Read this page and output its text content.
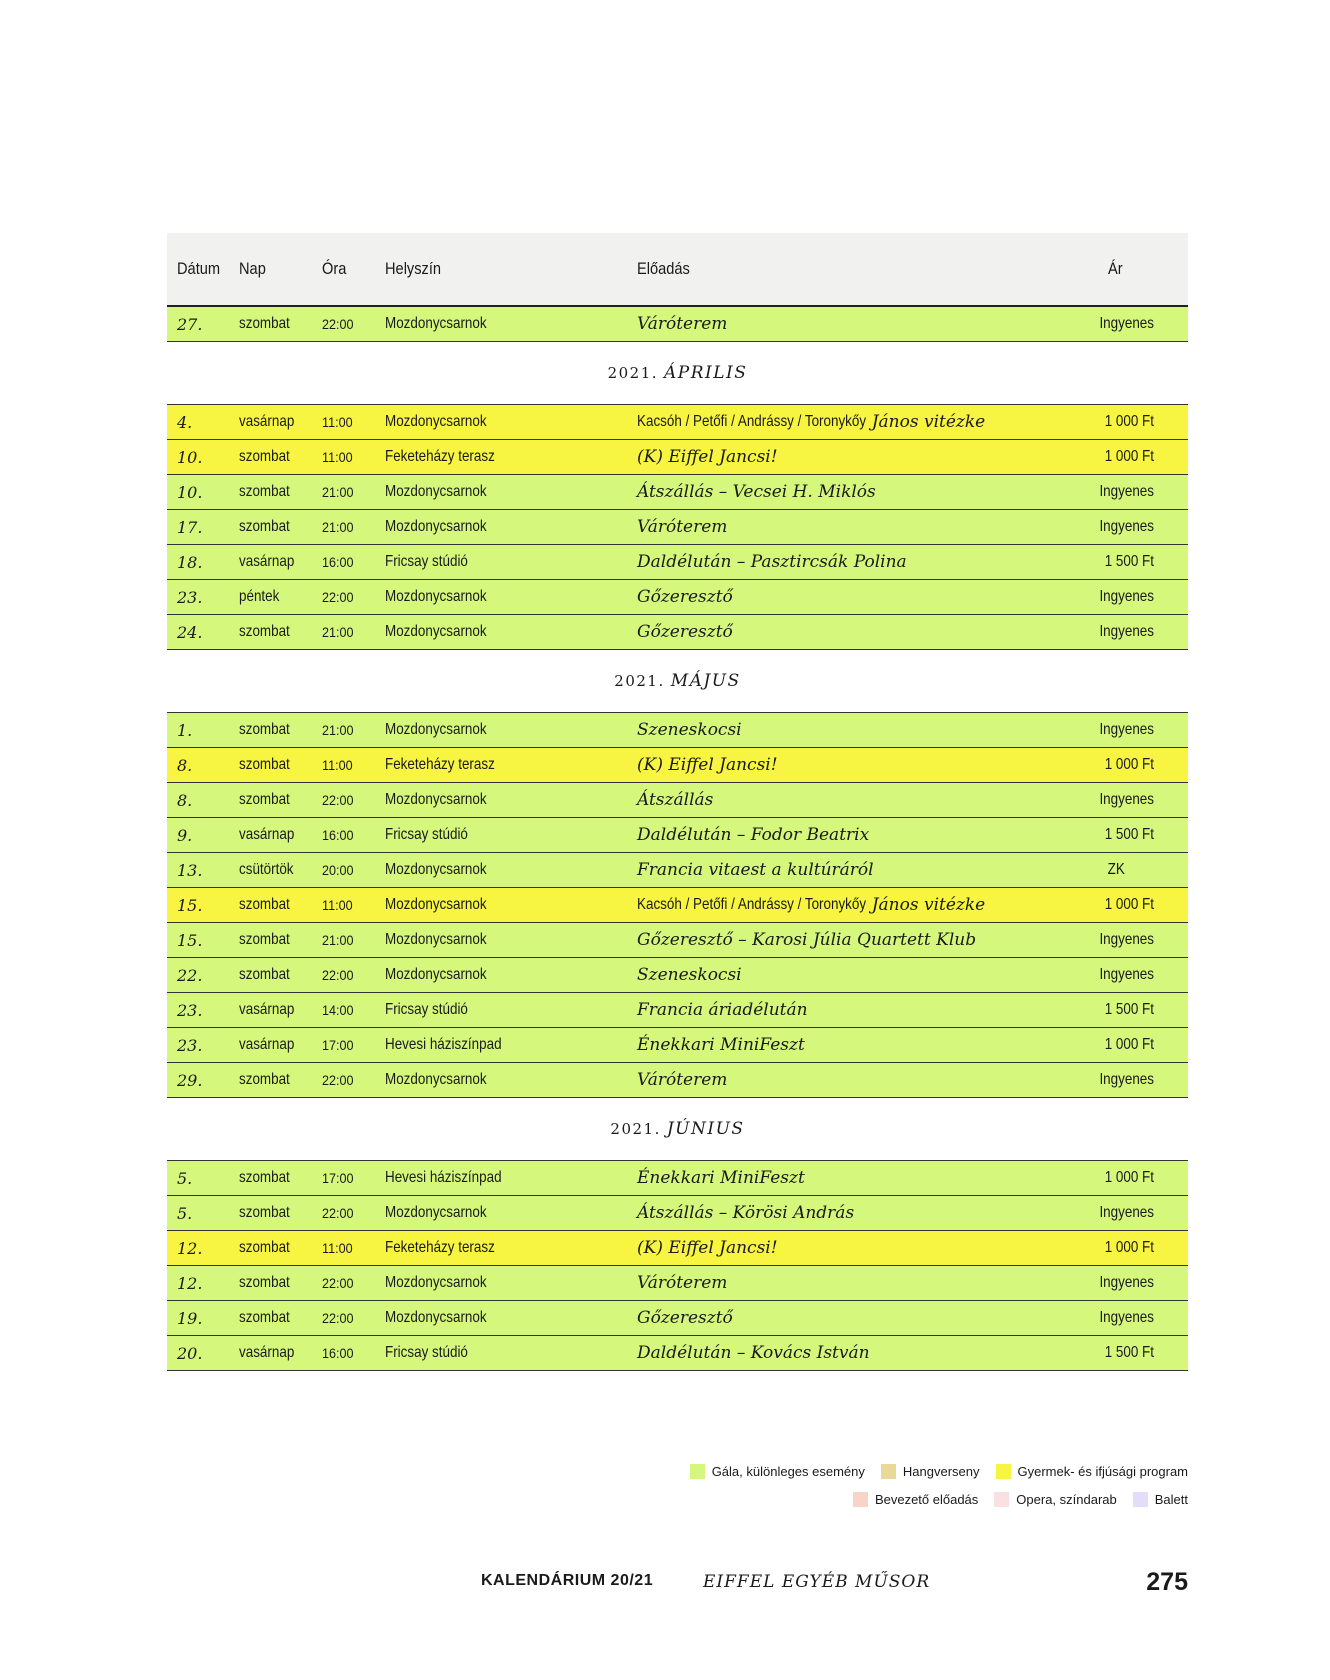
Dátum Nap	Óra Helyszín	Előadás	Ár
27. szombat 22:00 Mozdonycsarnok	Váróterem	Ingyenes
2021. ÁPRILIS
4.	vasárnap 11:00 Mozdonycsarnok	Kacsóh / Petőfi / Andrássy / Toronykőy János vitézke	1 000 Ft
10. szombat 11:00 Feketeházy terasz	(K) Eiffel Jancsi!	1 000 Ft
10. szombat 21:00 Mozdonycsarnok	Átszállás – Vecsei H. Miklós	Ingyenes
17. szombat 21:00 Mozdonycsarnok	Váróterem	Ingyenes
18. vasárnap 16:00 Fricsay stúdió	Daldélután – Pasztircsák Polina	1 500 Ft
23. péntek	22:00 Mozdonycsarnok	Gőzeresztő	Ingyenes
24. szombat 21:00 Mozdonycsarnok	Gőzeresztő	Ingyenes
2021. MÁJUS
1.	szombat 21:00 Mozdonycsarnok	Szeneskocsi	Ingyenes
8.	szombat 11:00 Feketeházy terasz	(K) Eiffel Jancsi!	1 000 Ft
8.	szombat 22:00 Mozdonycsarnok	Átszállás	Ingyenes
9.	vasárnap 16:00 Fricsay stúdió	Daldélután – Fodor Beatrix	1 500 Ft
13. csütörtök 20:00 Mozdonycsarnok	Francia vitaest a kultúráról	ZK
15. szombat 11:00 Mozdonycsarnok	Kacsóh / Petőfi / Andrássy / Toronykőy János vitézke	1 000 Ft
15. szombat 21:00 Mozdonycsarnok	Gőzeresztő – Karosi Júlia Quartett Klub	Ingyenes
22. szombat 22:00 Mozdonycsarnok	Szeneskocsi	Ingyenes
23. vasárnap 14:00 Fricsay stúdió	Francia áriadélután	1 500 Ft
23. vasárnap 17:00 Hevesi háziszínpad	Énekkari MiniFeszt	1 000 Ft
29. szombat 22:00 Mozdonycsarnok	Váróterem	Ingyenes
2021. JÚNIUS
5.	szombat 17:00 Hevesi háziszínpad	Énekkari MiniFeszt	1 000 Ft
5.	szombat 22:00 Mozdonycsarnok	Átszállás – Körösi András	Ingyenes
12. szombat 11:00 Feketeházy terasz	(K) Eiffel Jancsi!	1 000 Ft
12. szombat 22:00 Mozdonycsarnok	Váróterem	Ingyenes
19. szombat 22:00 Mozdonycsarnok	Gőzeresztő	Ingyenes
20. vasárnap 16:00 Fricsay stúdió	Daldélután – Kovács István	1 500 Ft
Gála, különleges esemény	Hangverseny	Gyermek- és ifjúsági program
Bevezető előadás	Opera, színdarab	Balett
KALENDÁRIUM 20/21	EIFFEL EGYÉB MŰSOR	275
